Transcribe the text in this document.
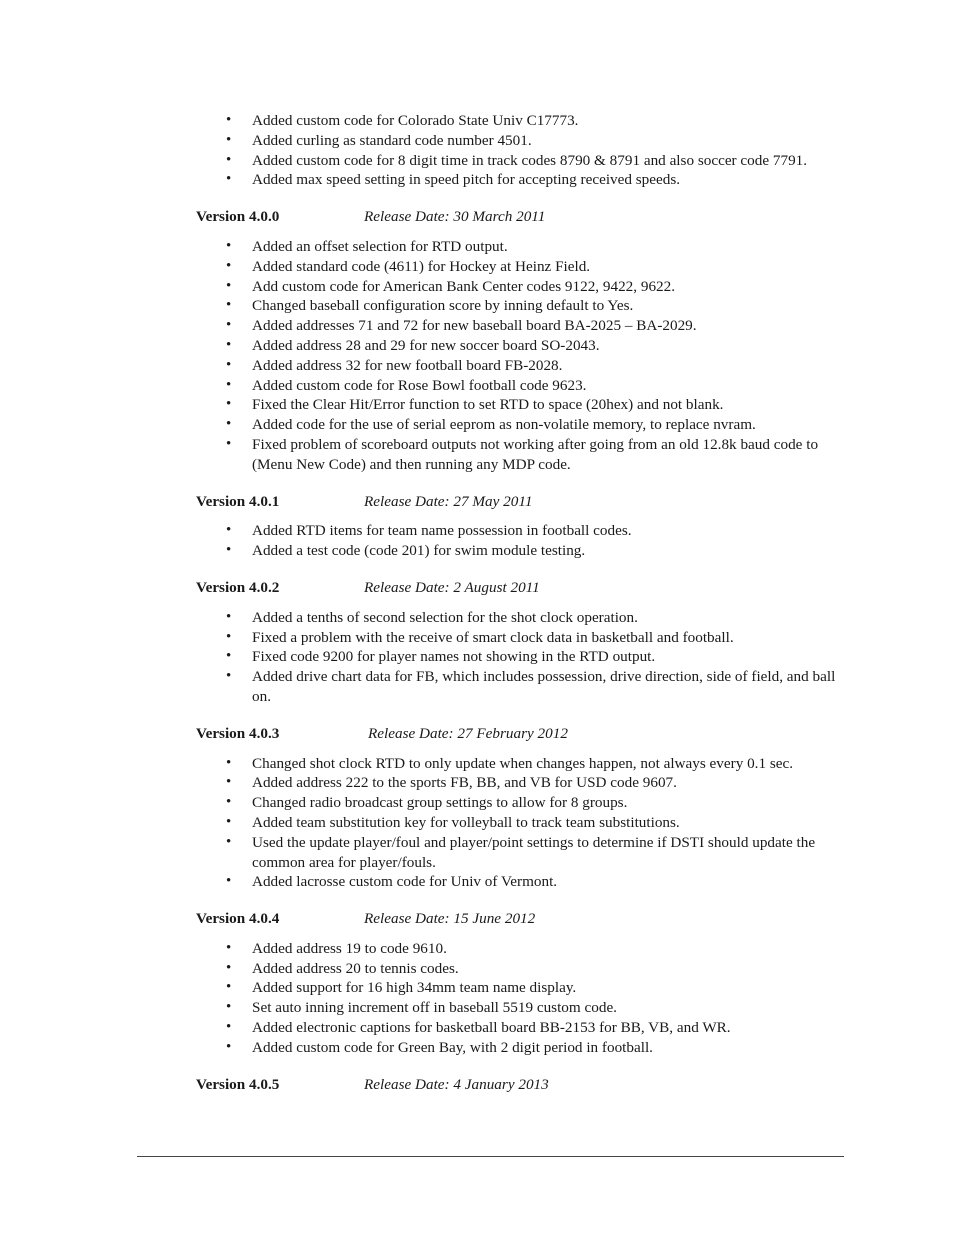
• Added custom code for Colorado State Univ C17773.
• Added curling as standard code number 4501.
• Added custom code for 8 digit time in track codes 8790 & 8791 and also soccer code 7791.
• Added max speed setting in speed pitch for accepting received speeds.
Version 4.0.0	Release Date: 30 March 2011
• Added an offset selection for RTD output.
• Added standard code (4611) for Hockey at Heinz Field.
• Add custom code for American Bank Center codes 9122, 9422, 9622.
• Changed baseball configuration score by inning default to Yes.
• Added addresses 71 and 72 for new baseball board BA-2025 – BA-2029.
• Added address 28 and 29 for new soccer board SO-2043.
• Added address 32 for new football board FB-2028.
• Added custom code for Rose Bowl football code 9623.
• Fixed the Clear Hit/Error function to set RTD to space (20hex) and not blank.
• Added code for the use of serial eeprom as non-volatile memory, to replace nvram.
• Fixed problem of scoreboard outputs not working after going from an old 12.8k baud code to (Menu New Code) and then running any MDP code.
Version 4.0.1	Release Date: 27 May 2011
• Added RTD items for team name possession in football codes.
• Added a test code (code 201) for swim module testing.
Version 4.0.2	Release Date: 2 August 2011
• Added a tenths of second selection for the shot clock operation.
• Fixed a problem with the receive of smart clock data in basketball and football.
• Fixed code 9200 for player names not showing in the RTD output.
• Added drive chart data for FB, which includes possession, drive direction, side of field, and ball on.
Version 4.0.3	Release Date: 27 February 2012
• Changed shot clock RTD to only update when changes happen, not always every 0.1 sec.
• Added address 222 to the sports FB, BB, and VB for USD code 9607.
• Changed radio broadcast group settings to allow for 8 groups.
• Added team substitution key for volleyball to track team substitutions.
• Used the update player/foul and player/point settings to determine if DSTI should update the common area for player/fouls.
• Added lacrosse custom code for Univ of Vermont.
Version 4.0.4	Release Date: 15 June 2012
• Added address 19 to code 9610.
• Added address 20 to tennis codes.
• Added support for 16 high 34mm team name display.
• Set auto inning increment off in baseball 5519 custom code.
• Added electronic captions for basketball board BB-2153 for BB, VB, and WR.
• Added custom code for Green Bay, with 2 digit period in football.
Version 4.0.5	Release Date: 4 January 2013
